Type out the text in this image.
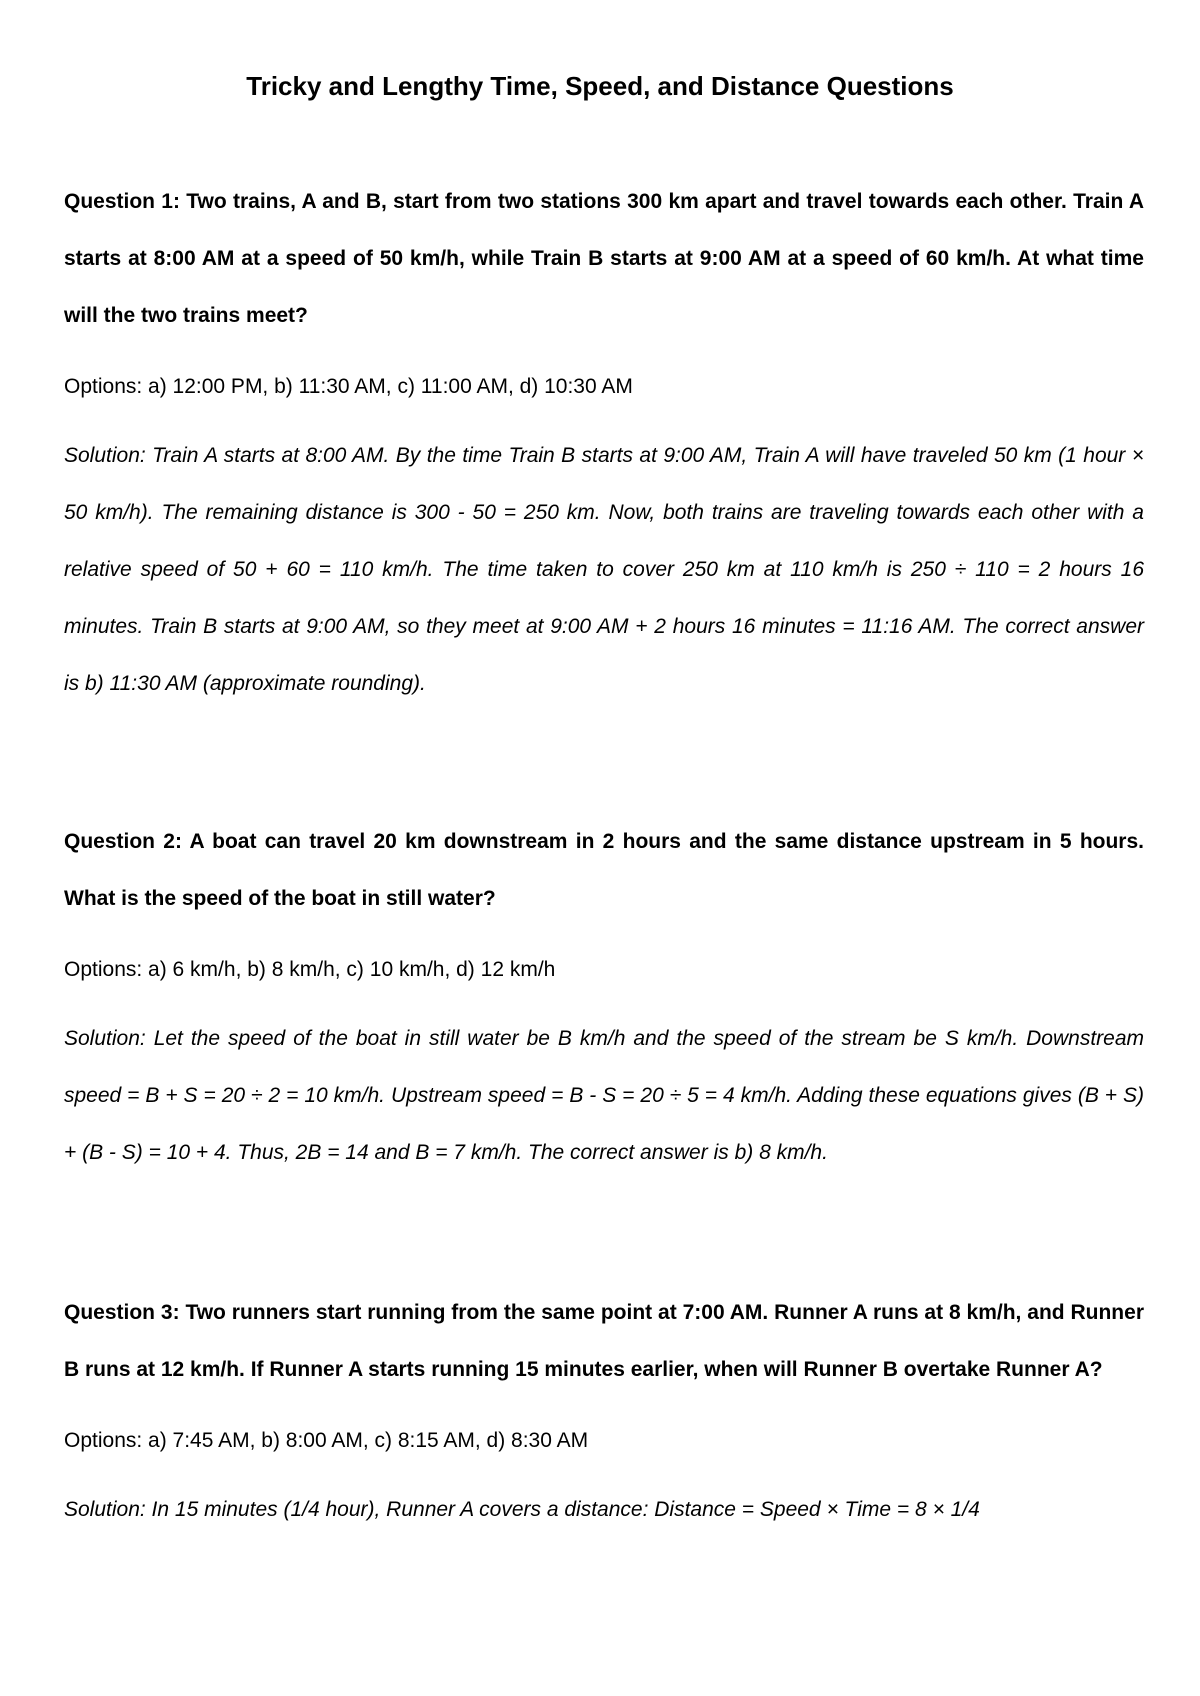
Tricky and Lengthy Time, Speed, and Distance Questions

Question 1: Two trains, A and B, start from two stations 300 km apart and travel towards each other. Train A starts at 8:00 AM at a speed of 50 km/h, while Train B starts at 9:00 AM at a speed of 60 km/h. At what time will the two trains meet?

Options: a) 12:00 PM, b) 11:30 AM, c) 11:00 AM, d) 10:30 AM

Solution: Train A starts at 8:00 AM. By the time Train B starts at 9:00 AM, Train A will have traveled 50 km (1 hour × 50 km/h). The remaining distance is 300 - 50 = 250 km. Now, both trains are traveling towards each other with a relative speed of 50 + 60 = 110 km/h. The time taken to cover 250 km at 110 km/h is 250 ÷ 110 = 2 hours 16 minutes. Train B starts at 9:00 AM, so they meet at 9:00 AM + 2 hours 16 minutes = 11:16 AM. The correct answer is b) 11:30 AM (approximate rounding).

Question 2: A boat can travel 20 km downstream in 2 hours and the same distance upstream in 5 hours. What is the speed of the boat in still water?

Options: a) 6 km/h, b) 8 km/h, c) 10 km/h, d) 12 km/h

Solution: Let the speed of the boat in still water be B km/h and the speed of the stream be S km/h. Downstream speed = B + S = 20 ÷ 2 = 10 km/h. Upstream speed = B - S = 20 ÷ 5 = 4 km/h. Adding these equations gives (B + S) + (B - S) = 10 + 4. Thus, 2B = 14 and B = 7 km/h. The correct answer is b) 8 km/h.

Question 3: Two runners start running from the same point at 7:00 AM. Runner A runs at 8 km/h, and Runner B runs at 12 km/h. If Runner A starts running 15 minutes earlier, when will Runner B overtake Runner A?

Options: a) 7:45 AM, b) 8:00 AM, c) 8:15 AM, d) 8:30 AM

Solution: In 15 minutes (1/4 hour), Runner A covers a distance: Distance = Speed × Time = 8 × 1/4
